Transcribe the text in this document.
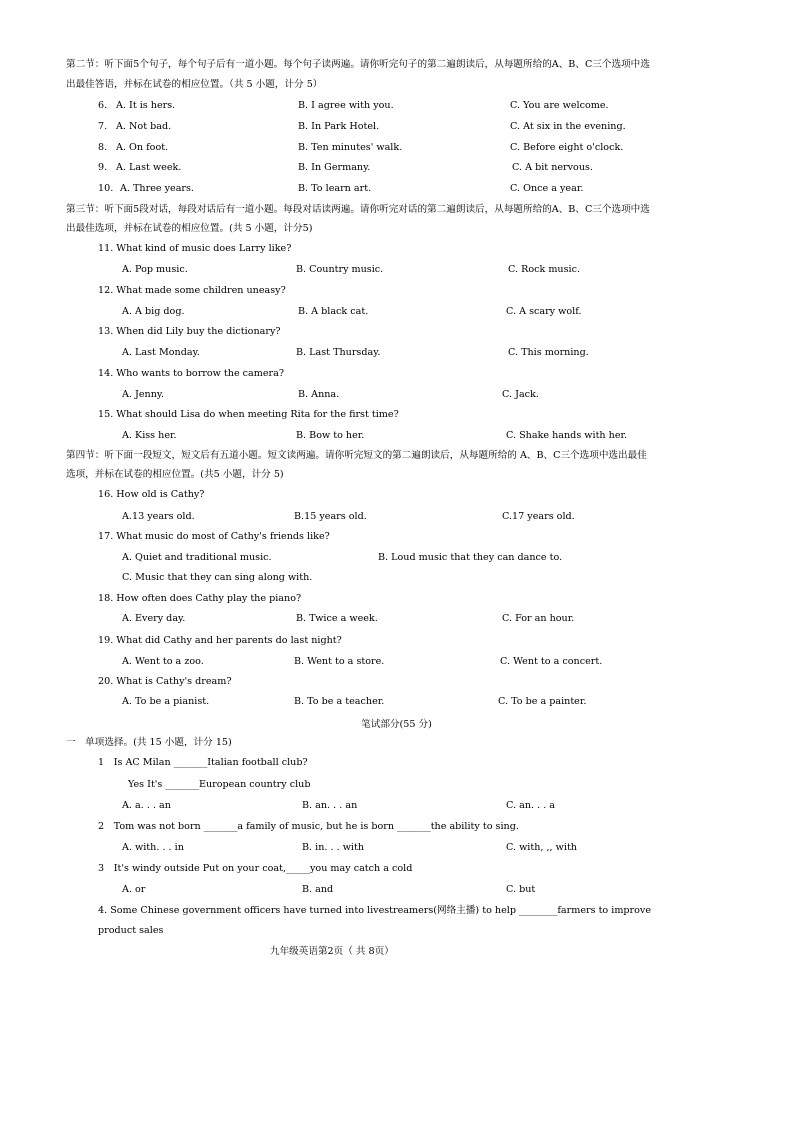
第二节：听下面5个句子，每个句子后有一道小题。每个句子读两遍。请你听完句子的第二遍朗读后，从每题所给的A、B、C三个选项中选
出最佳答语，并标在试卷的相应位置。（共 5 小题，计分 5）
6. A. It is hers.	B. I agree with you.	C. You are welcome.
7. A. Not bad.	B. In Park Hotel.	C. At six in the evening.
8. A. On foot.	B. Ten minutes' walk.	C. Before eight o'clock.
9. A. Last week.	B. In Germany.	C. A bit nervous.
10. A. Three years.	B. To learn art.	C. Once a year.
第三节：听下面5段对话，每段对话后有一道小题。每段对话读两遍。请你听完对话的第二遍朗读后，从每题所给的A、B、C三个选项中选
出最佳选项，并标在试卷的相应位置。(共 5 小题，计分5)
11. What kind of music does Larry like?
A. Pop music.	B. Country music.	C. Rock music.
12. What made some children uneasy?
A. A big dog.	B. A black cat.	C. A scary wolf.
13. When did Lily buy the dictionary?
A. Last Monday.	B. Last Thursday.	C. This morning.
14. Who wants to borrow the camera?
A. Jenny.	B. Anna.	C. Jack.
15. What should Lisa do when meeting Rita for the first time?
A. Kiss her.	B. Bow to her.	C. Shake hands with her.
第四节：听下面一段短文，短文后有五道小题。短文读两遍。请你听完短文的第二遍朗读后，从每题所给的 A、B、C三个选项中选出最佳
选项，并标在试卷的相应位置。(共5 小题，计分 5)
16. How old is Cathy?
A.13 years old.	B.15 years old.	C.17 years old.
17. What music do most of Cathy's friends like?
A. Quiet and traditional music.	B. Loud music that they can dance to.
C. Music that they can sing along with.
18. How often does Cathy play the piano?
A. Every day.	B. Twice a week.	C. For an hour.
19. What did Cathy and her parents do last night?
A. Went to a zoo.	B. Went to a store.	C. Went to a concert.
20. What is Cathy's dream?
A. To be a pianist.	B. To be a teacher.	C. To be a painter.
笔试部分(55 分)
一　单项选择。(共 15 小题，计分 15)
1　Is AC Milan _______Italian football club?
Yes It's _______European country club
A. a. . . an	B. an. . . an	C. an. . . a
2　Tom was not born _______a family of music, but he is born _______the ability to sing.
A. with. . . in	B. in. . . with	C. with, ,, with
3　It's windy outside Put on your coat,_____you may catch a cold
A. or	B. and	C. but
4. Some Chinese government officers have turned into livestreamers(网络主播) to help ________farmers to improve
product sales
九年级英语第2页（ 共 8页）
